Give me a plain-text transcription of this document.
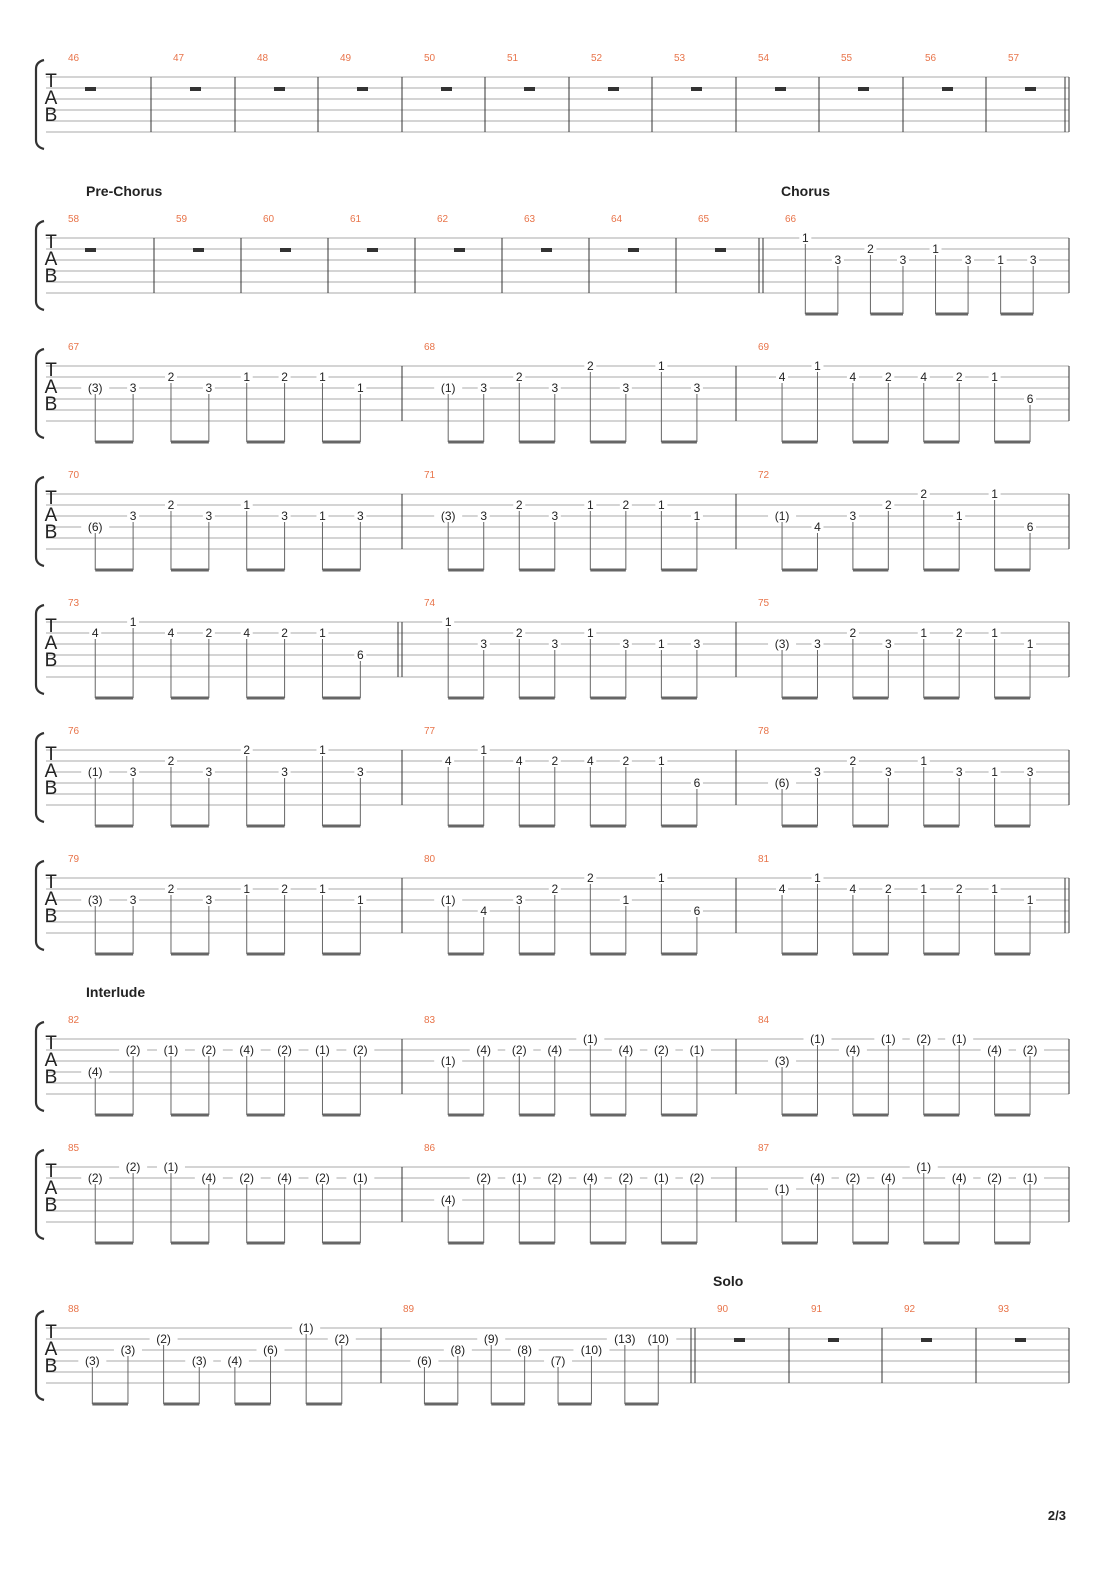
T
A
B
46	47	48	49	50	51	52	53	54	55	56	57
Pre-Chorus	Chorus
T
A
B
58	59	60	61	62	63	64	65	66
1
3
2
3
1
3 1 3
T
A
B
67
(3) 3
2
3
1	2	1
1
68
(1) 3
2
3
2
3
1
3
69
4
1
4 2 4 2 1
6
T
A
B
70
(6)
3
2
3
1
3	1	3
71
(3) 3
2
3
1 2 1
1
72
(1)
4
3
2
2
1
1
6
T
A
B
73
4
1
4	2	4	2	1
6
74
1
3
2
3
1
3 1 3
75
(3) 3
2
3
1 2 1
1
T
A
B
76
(1) 3
2
3
2
3
1
3
77
4
1
4 2 4 2 1
6
78
(6)
3
2
3
1
3 1 3
T
A
B
79
(3) 3
2
3
1	2	1
1
80
(1)
4
3
2
2
1
1
6
81
4
1
4 2 1 2 1
1
Interlude
T
A
B
82
(4)
(2) (1) (2) (4) (2) (1) (2)
83
(1)
(4) (2) (4)
(1)
(4) (2) (1)
84
(3)
(1)
(4)
(1) (2) (1)
(4) (2)
T
A
B
85
(2)
(2) (1)
(4) (2) (4) (2) (1)
86
(4)
(2) (1) (2) (4) (2) (1) (2)
87
(1)
(4) (2) (4)
(1)
(4) (2) (1)
Solo
T
A
B
88
(3)
(3)
(2)
(3) (4)
(6)
(1)
(2)
89
(6)
(8)
(9)
(8)
(7)
(10)
(13) (10)
90	91	92	93
2/3
